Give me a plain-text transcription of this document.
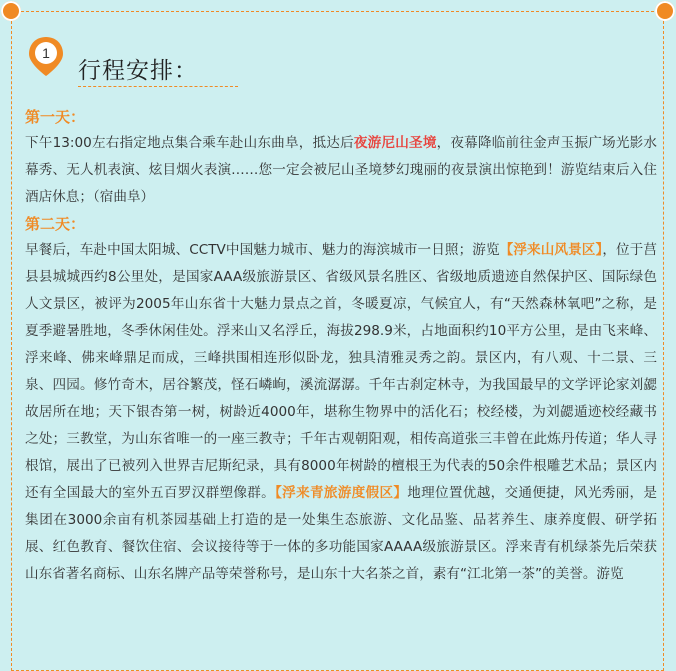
1
行程安排：
第一天：

下午13:00左右指定地点集合乘车赴山东曲阜，抵达后夜游尼山圣境，夜幕降临前往金声玉振广场光影水幕秀、无人机表演、炫目烟火表演……您一定会被尼山圣境梦幻瑰丽的夜景演出惊艳到！游览结束后入住酒店休息；（宿曲阜）

第二天：

早餐后，车赴中国太阳城、CCTV中国魅力城市、魅力的海滨城市一日照；游览【浮来山风景区】，位于莒县县城城西约8公里处，是国家AAA级旅游景区、省级风景名胜区、省级地质遗迹自然保护区、国际绿色人文景区，被评为2005年山东省十大魅力景点之首，冬暖夏凉，气候宜人，有“天然森林氧吧”之称，是夏季避暑胜地，冬季休闲佳处。浮来山又名浮丘，海拔298.9米，占地面积约10平方公里，是由飞来峰、浮来峰、佛来峰鼎足而成，三峰拱围相连形似卧龙，独具清雅灵秀之韵。景区内，有八观、十二景、三泉、四园。修竹奇木，居谷繁茂，怪石嶙峋，溪流潺潺。千年古刹定林寺，为我国最早的文学评论家刘勰故居所在地；天下银杏第一树，树龄近4000年，堪称生物界中的活化石；校经楼，为刘勰遁迹校经藏书之处；三教堂，为山东省唯一的一座三教寺；千年古观朝阳观，相传高道张三丰曾在此炼丹传道；华人寻根馆，展出了已被列入世界吉尼斯纪录，具有8000年树龄的檀根王为代表的50余件根雕艺术品；景区内还有全国最大的室外五百罗汉群塑像群。【浮来青旅游度假区】地理位置优越，交通便捷，风光秀丽，是集团在3000余亩有机茶园基础上打造的是一处集生态旅游、文化品鉴、品茗养生、康养度假、研学拓展、红色教育、餐饮住宿、会议接待等于一体的多功能国家AAAA级旅游景区。浮来青有机绿茶先后荣获山东省著名商标、山东名牌产品等荣誉称号，是山东十大名茶之首，素有“江北第一茶”的美誉。游览
